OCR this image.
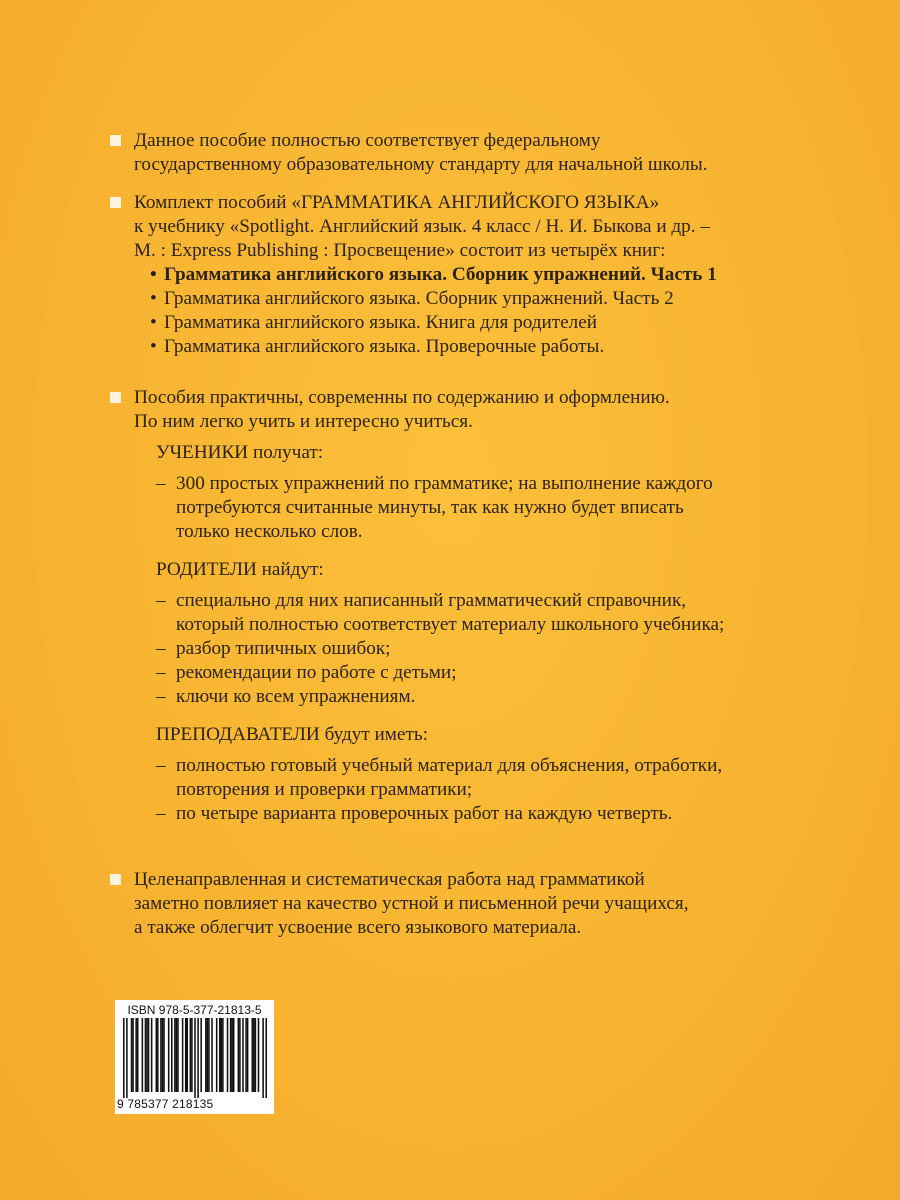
Данное пособие полностью соответствует федеральному
государственному образовательному стандарту для начальной школы.
Комплект пособий «ГРАММАТИКА АНГЛИЙСКОГО ЯЗЫКА»
к учебнику «Spotlight. Английский язык. 4 класс / Н. И. Быкова и др. –
М. : Express Publishing : Просвещение» состоит из четырёх книг:
• Грамматика английского языка. Сборник упражнений. Часть 1
• Грамматика английского языка. Сборник упражнений. Часть 2
• Грамматика английского языка. Книга для родителей
• Грамматика английского языка. Проверочные работы.
Пособия практичны, современны по содержанию и оформлению.
По ним легко учить и интересно учиться.
УЧЕНИКИ получат:
– 300 простых упражнений по грамматике; на выполнение каждого
потребуются считанные минуты, так как нужно будет вписать
только несколько слов.
РОДИТЕЛИ найдут:
– специально для них написанный грамматический справочник,
который полностью соответствует материалу школьного учебника;
– разбор типичных ошибок;
– рекомендации по работе с детьми;
– ключи ко всем упражнениям.
ПРЕПОДАВАТЕЛИ будут иметь:
– полностью готовый учебный материал для объяснения, отработки,
повторения и проверки грамматики;
– по четыре варианта проверочных работ на каждую четверть.
Целенаправленная и систематическая работа над грамматикой
заметно повлияет на качество устной и письменной речи учащихся,
а также облегчит усвоение всего языкового материала.
ISBN 978-5-377-21813-5
9 785377 218135
